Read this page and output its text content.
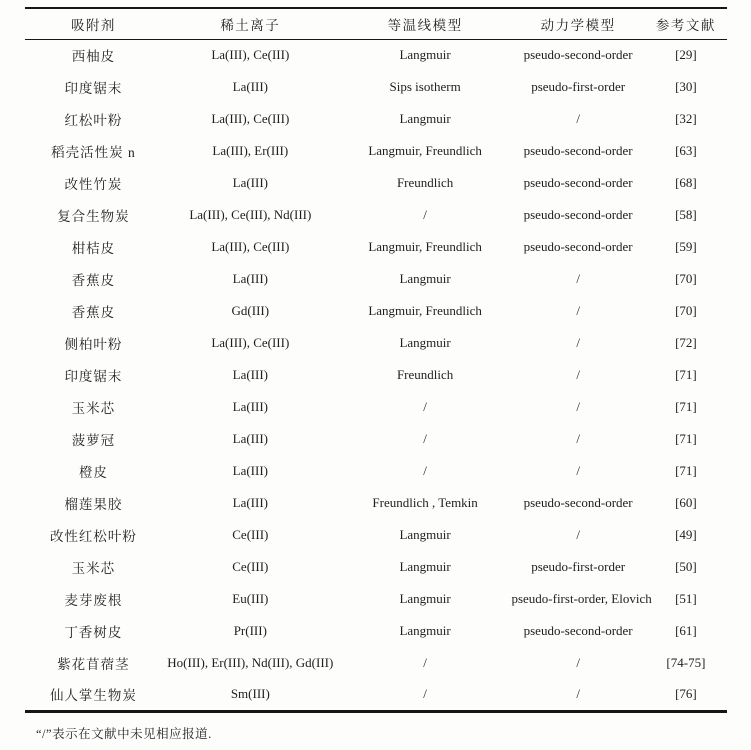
吸附剂	稀土离子	等温线模型	动力学模型	参考文献
西柚皮	La(III), Ce(III)	Langmuir	pseudo-second-order	[29]
印度锯末	La(III)	Sips isotherm	pseudo-first-order	[30]
红松叶粉	La(III), Ce(III)	Langmuir	/	[32]
稻壳活性炭 n	La(III), Er(III)	Langmuir, Freundlich	pseudo-second-order	[63]
改性竹炭	La(III)	Freundlich	pseudo-second-order	[68]
复合生物炭	La(III), Ce(III), Nd(III)	/	pseudo-second-order	[58]
柑桔皮	La(III), Ce(III)	Langmuir, Freundlich	pseudo-second-order	[59]
香蕉皮	La(III)	Langmuir	/	[70]
香蕉皮	Gd(III)	Langmuir, Freundlich	/	[70]
侧柏叶粉	La(III), Ce(III)	Langmuir	/	[72]
印度锯末	La(III)	Freundlich	/	[71]
玉米芯	La(III)	/	/	[71]
菠萝冠	La(III)	/	/	[71]
橙皮	La(III)	/	/	[71]
榴莲果胶	La(III)	Freundlich , Temkin	pseudo-second-order	[60]
改性红松叶粉	Ce(III)	Langmuir	/	[49]
玉米芯	Ce(III)	Langmuir	pseudo-first-order	[50]
麦芽废根	Eu(III)	Langmuir	pseudo-first-order, Elovich	[51]
丁香树皮	Pr(III)	Langmuir	pseudo-second-order	[61]
紫花苜蓿茎	Ho(III), Er(III), Nd(III), Gd(III)	/	/	[74-75]
仙人掌生物炭	Sm(III)	/	/	[76]
“/”表示在文献中未见相应报道.
